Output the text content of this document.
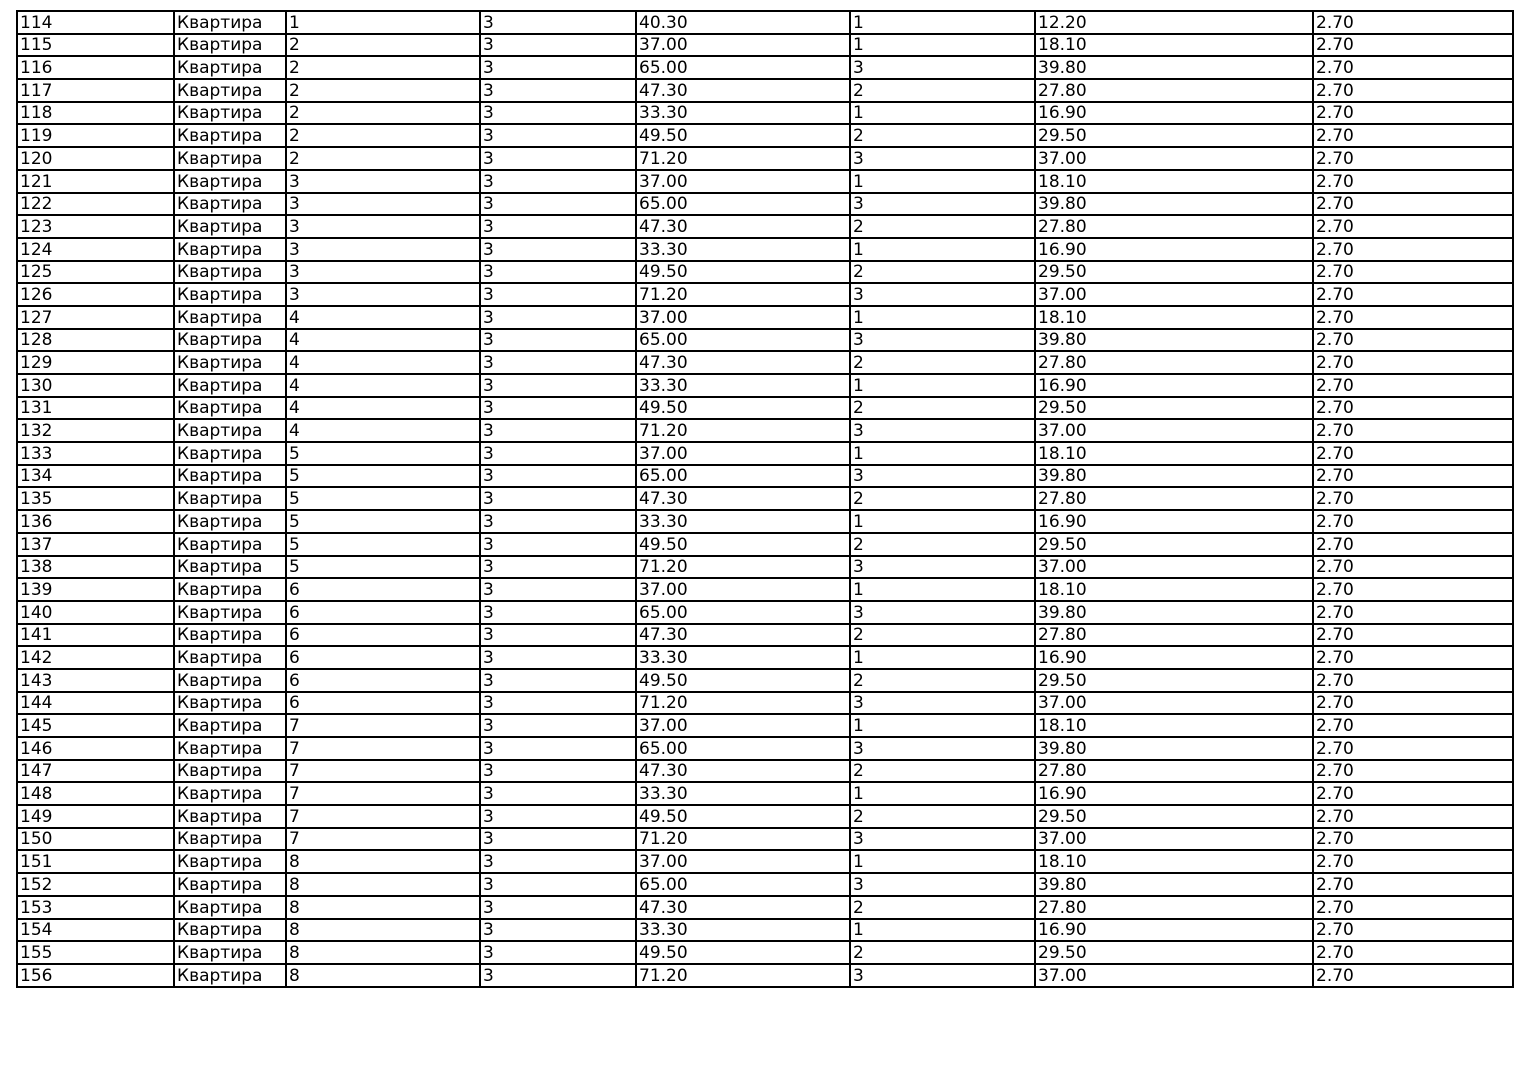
114	Квартира	1	3	40.30	1	12.20	2.70
115	Квартира	2	3	37.00	1	18.10	2.70
116	Квартира	2	3	65.00	3	39.80	2.70
117	Квартира	2	3	47.30	2	27.80	2.70
118	Квартира	2	3	33.30	1	16.90	2.70
119	Квартира	2	3	49.50	2	29.50	2.70
120	Квартира	2	3	71.20	3	37.00	2.70
121	Квартира	3	3	37.00	1	18.10	2.70
122	Квартира	3	3	65.00	3	39.80	2.70
123	Квартира	3	3	47.30	2	27.80	2.70
124	Квартира	3	3	33.30	1	16.90	2.70
125	Квартира	3	3	49.50	2	29.50	2.70
126	Квартира	3	3	71.20	3	37.00	2.70
127	Квартира	4	3	37.00	1	18.10	2.70
128	Квартира	4	3	65.00	3	39.80	2.70
129	Квартира	4	3	47.30	2	27.80	2.70
130	Квартира	4	3	33.30	1	16.90	2.70
131	Квартира	4	3	49.50	2	29.50	2.70
132	Квартира	4	3	71.20	3	37.00	2.70
133	Квартира	5	3	37.00	1	18.10	2.70
134	Квартира	5	3	65.00	3	39.80	2.70
135	Квартира	5	3	47.30	2	27.80	2.70
136	Квартира	5	3	33.30	1	16.90	2.70
137	Квартира	5	3	49.50	2	29.50	2.70
138	Квартира	5	3	71.20	3	37.00	2.70
139	Квартира	6	3	37.00	1	18.10	2.70
140	Квартира	6	3	65.00	3	39.80	2.70
141	Квартира	6	3	47.30	2	27.80	2.70
142	Квартира	6	3	33.30	1	16.90	2.70
143	Квартира	6	3	49.50	2	29.50	2.70
144	Квартира	6	3	71.20	3	37.00	2.70
145	Квартира	7	3	37.00	1	18.10	2.70
146	Квартира	7	3	65.00	3	39.80	2.70
147	Квартира	7	3	47.30	2	27.80	2.70
148	Квартира	7	3	33.30	1	16.90	2.70
149	Квартира	7	3	49.50	2	29.50	2.70
150	Квартира	7	3	71.20	3	37.00	2.70
151	Квартира	8	3	37.00	1	18.10	2.70
152	Квартира	8	3	65.00	3	39.80	2.70
153	Квартира	8	3	47.30	2	27.80	2.70
154	Квартира	8	3	33.30	1	16.90	2.70
155	Квартира	8	3	49.50	2	29.50	2.70
156	Квартира	8	3	71.20	3	37.00	2.70
